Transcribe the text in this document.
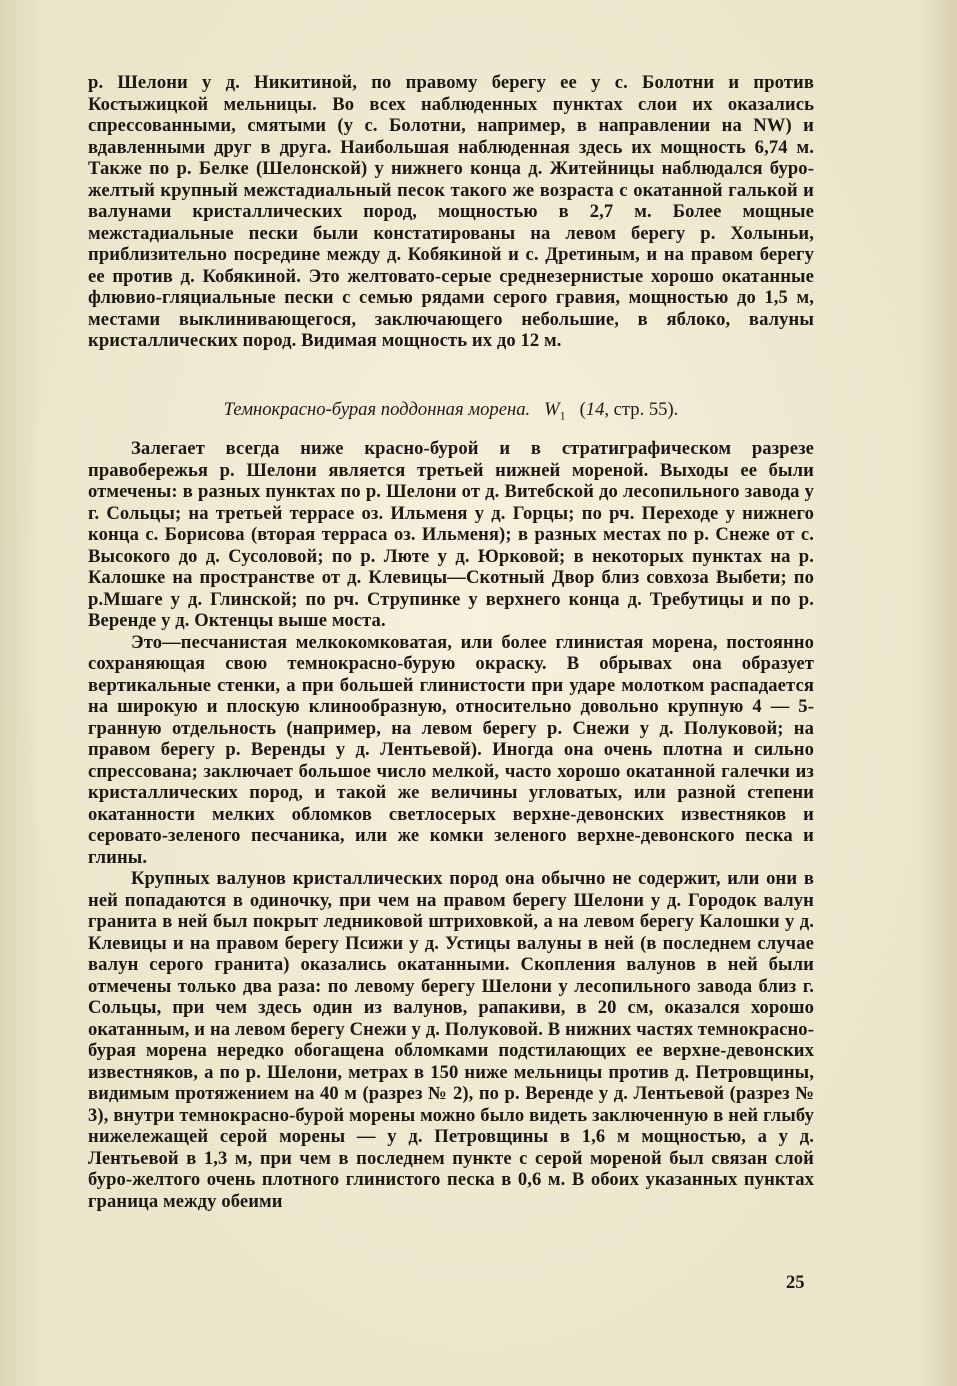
р. Шелони у д. Никитиной, по правому берегу ее у с. Болотни и против Костыжицкой мельницы. Во всех наблюденных пунктах слои их оказались спрессованными, смятыми (у с. Болотни, например, в направлении на NW) и вдавленными друг в друга. Наибольшая наблюденная здесь их мощность 6,74 м. Также по р. Белке (Шелонской) у нижнего конца д. Житейницы наблюдался буро-желтый крупный межстадиальный песок такого же возраста с окатанной галькой и валунами кристаллических пород, мощностью в 2,7 м. Более мощные межстадиальные пески были констатированы на левом берегу р. Холыньи, приблизительно посредине между д. Кобякиной и с. Дретиным, и на правом берегу ее против д. Кобякиной. Это желтовато-серые среднезернистые хорошо окатанные флювио-гляциальные пески с семью рядами серого гравия, мощностью до 1,5 м, местами выклинивающегося, заключающего небольшие, в яблоко, валуны кристаллических пород. Видимая мощность их до 12 м.

Темнокрасно-бурая поддонная морена. $W_1$ (14, стр. 55).

Залегает всегда ниже красно-бурой и в стратиграфическом разрезе правобережья р. Шелони является третьей нижней мореной. Выходы ее были отмечены: в разных пунктах по р. Шелони от д. Витебской до лесопильного завода у г. Сольцы; на третьей террасе оз. Ильменя у д. Горцы; по рч. Переходе у нижнего конца с. Борисова (вторая терраса оз. Ильменя); в разных местах по р. Снеже от с. Высокого до д. Сусоловой; по р. Люте у д. Юрковой; в некоторых пунктах на р. Калошке на пространстве от д. Клевицы—Скотный Двор близ совхоза Выбети; по р.Мшаге у д. Глинской; по рч. Струпинке у верхнего конца д. Требутицы и по р. Веренде у д. Октенцы выше моста.

Это—песчанистая мелкокомковатая, или более глинистая морена, постоянно сохраняющая свою темнокрасно-бурую окраску. В обрывах она образует вертикальные стенки, а при большей глинистости при ударе молотком распадается на широкую и плоскую клинообразную, относительно довольно крупную 4 — 5-гранную отдельность (например, на левом берегу р. Снежи у д. Полуковой; на правом берегу р. Веренды у д. Лентьевой). Иногда она очень плотна и сильно спрессована; заключает большое число мелкой, часто хорошо окатанной галечки из кристаллических пород, и такой же величины угловатых, или разной степени окатанности мелких обломков светлосерых верхне-девонских известняков и серовато-зеленого песчаника, или же комки зеленого верхне-девонского песка и глины.

Крупных валунов кристаллических пород она обычно не содержит, или они в ней попадаются в одиночку, при чем на правом берегу Шелони у д. Городок валун гранита в ней был покрыт ледниковой штриховкой, а на левом берегу Калошки у д. Клевицы и на правом берегу Псижи у д. Устицы валуны в ней (в последнем случае валун серого гранита) оказались окатанными. Скопления валунов в ней были отмечены только два раза: по левому берегу Шелони у лесопильного завода близ г. Сольцы, при чем здесь один из валунов, рапакиви, в 20 см, оказался хорошо окатанным, и на левом берегу Снежи у д. Полуковой. В нижних частях темнокрасно-бурая морена нередко обогащена обломками подстилающих ее верхне-девонских известняков, а по р. Шелони, метрах в 150 ниже мельницы против д. Петровщины, видимым протяжением на 40 м (разрез № 2), по р. Веренде у д. Лентьевой (разрез № 3), внутри темнокрасно-бурой морены можно было видеть заключенную в ней глыбу нижележащей серой морены — у д. Петровщины в 1,6 м мощностью, а у д. Лентьевой в 1,3 м, при чем в последнем пункте с серой мореной был связан слой буро-желтого очень плотного глинистого песка в 0,6 м. В обоих указанных пунктах граница между обеими

25
